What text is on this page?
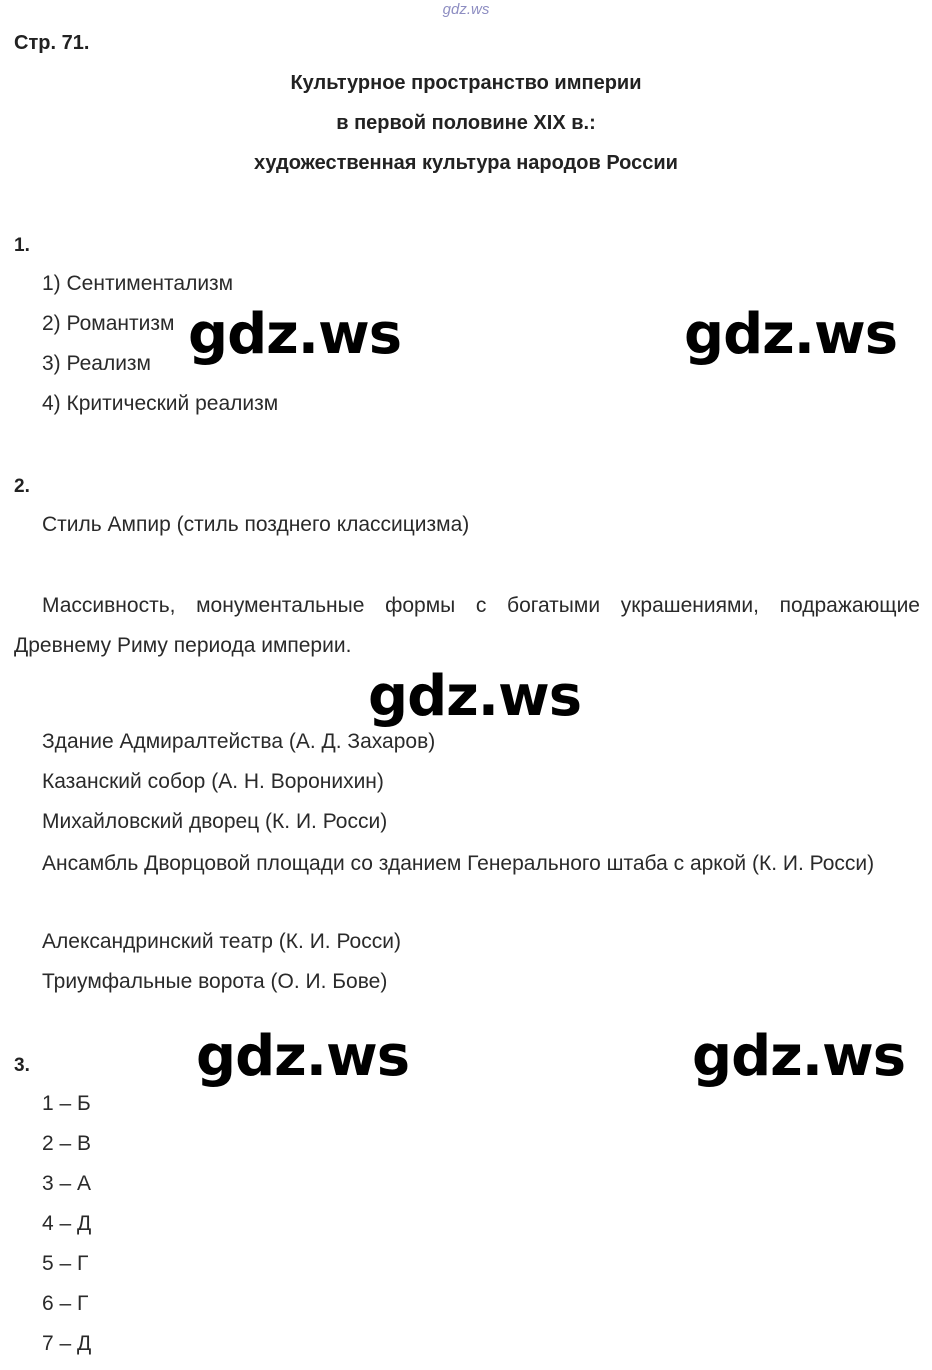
gdz.ws
Стр. 71.
Культурное пространство империи
в первой половине XIX в.:
художественная культура народов России
1.
1) Сентиментализм
2) Романтизм
3) Реализм
4) Критический реализм
2.
Стиль Ампир (стиль позднего классицизма)
Массивность, монументальные формы с богатыми украшениями, подражающие Древнему Риму периода империи.
Здание Адмиралтейства (А. Д. Захаров)
Казанский собор (А. Н. Воронихин)
Михайловский дворец (К. И. Росси)
Ансамбль Дворцовой площади со зданием Генерального штаба с аркой (К. И. Росси)
Александринский театр (К. И. Росси)
Триумфальные ворота (О. И. Бове)
3.
1 – Б
2 – В
3 – А
4 – Д
5 – Г
6 – Г
7 – Д
gdz.ws	gdz.ws
gdz.ws
gdz.ws	gdz.ws
